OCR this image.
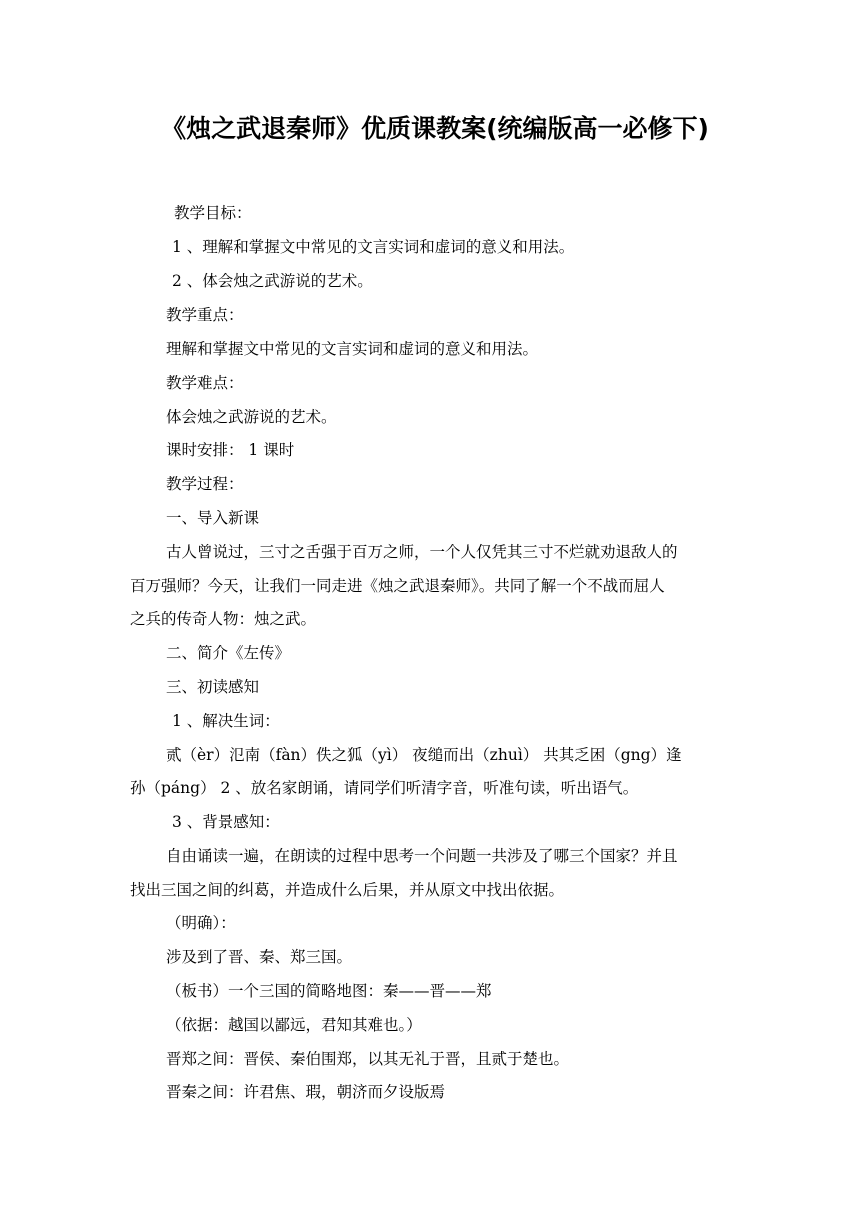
《烛之武退秦师》优质课教案(统编版高一必修下)
教学目标：
1 、理解和掌握文中常见的文言实词和虚词的意义和用法。
2 、体会烛之武游说的艺术。
教学重点：
理解和掌握文中常见的文言实词和虚词的意义和用法。
教学难点：
体会烛之武游说的艺术。
课时安排： 1 课时
教学过程：
一、导入新课
古人曾说过，三寸之舌强于百万之师，一个人仅凭其三寸不烂就劝退敌人的
百万强师？今天，让我们一同走进《烛之武退秦师》。共同了解一个不战而屈人
之兵的传奇人物：烛之武。
二、简介《左传》
三、初读感知
1 、解决生词：
贰（èr）氾南（fàn）佚之狐（yì） 夜缒而出（zhuì） 共其乏困（gng）逢
孙（páng） 2 、放名家朗诵，请同学们听清字音，听准句读，听出语气。
3 、背景感知：
自由诵读一遍，在朗读的过程中思考一个问题一共涉及了哪三个国家？并且
找出三国之间的纠葛，并造成什么后果，并从原文中找出依据。
（明确）：
涉及到了晋、秦、郑三国。
（板书）一个三国的简略地图：秦——晋——郑
（依据：越国以鄙远，君知其难也。）
晋郑之间：晋侯、秦伯围郑，以其无礼于晋，且贰于楚也。
晋秦之间：许君焦、瑕，朝济而夕设版焉
